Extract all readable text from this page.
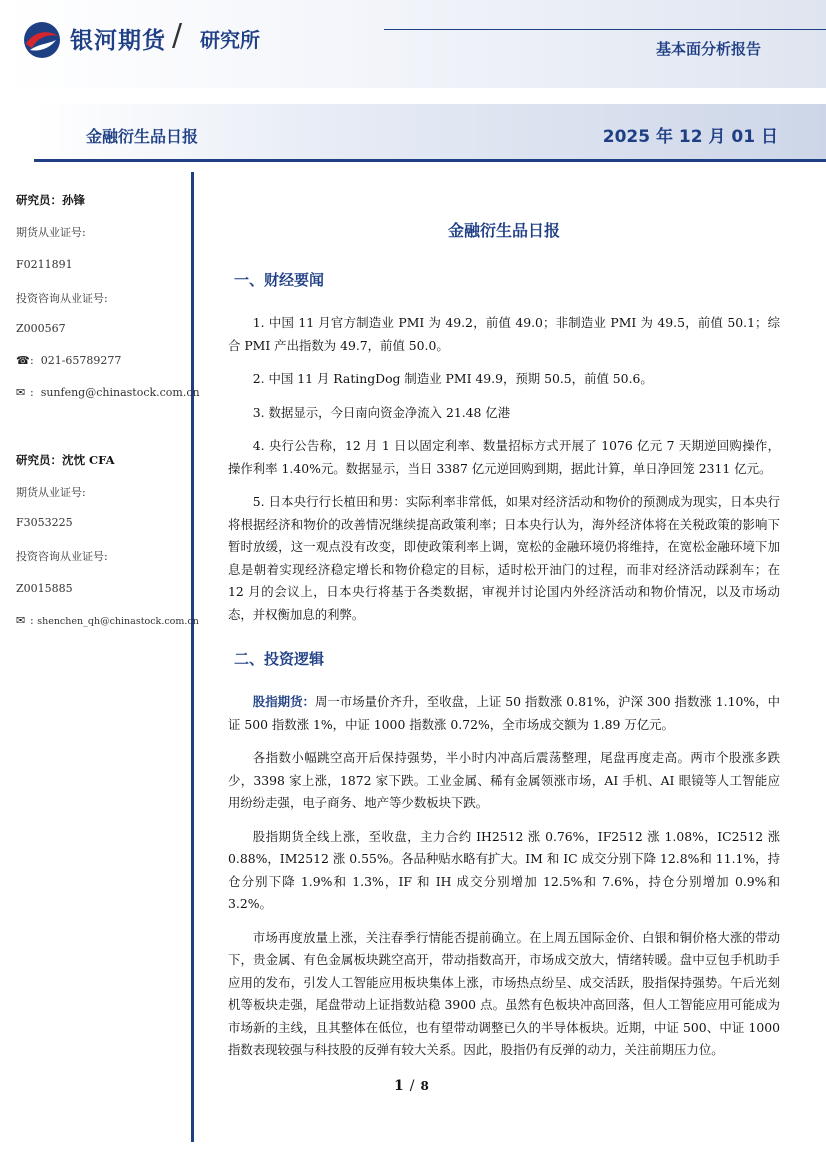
银河期货 / 研究所	基本面分析报告
金融衍生品日报	2025 年 12 月 01 日
研究员：孙锋
期货从业证号:
F0211891
投资咨询从业证号:
Z000567
☎:  021-65789277
✉ :  sunfeng@chinastock.com.cn
研究员：沈忱 CFA
期货从业证号:
F3053225
投资咨询从业证号:
Z0015885
✉ : shenchen_qh@chinastock.com.cn
金融衍生品日报
一、财经要闻

1. 中国 11 月官方制造业 PMI 为 49.2，前值 49.0；非制造业 PMI 为 49.5，前值 50.1；综合 PMI 产出指数为 49.7，前值 50.0。

2. 中国 11 月 RatingDog 制造业 PMI 49.9，预期 50.5，前值 50.6。

3. 数据显示，今日南向资金净流入 21.48 亿港

4. 央行公告称，12 月 1 日以固定利率、数量招标方式开展了 1076 亿元 7 天期逆回购操作，操作利率 1.40%元。数据显示，当日 3387 亿元逆回购到期，据此计算，单日净回笼 2311 亿元。

5. 日本央行行长植田和男：实际利率非常低，如果对经济活动和物价的预测成为现实，日本央行将根据经济和物价的改善情况继续提高政策利率；日本央行认为，海外经济体将在关税政策的影响下暂时放缓，这一观点没有改变，即使政策利率上调，宽松的金融环境仍将维持，在宽松金融环境下加息是朝着实现经济稳定增长和物价稳定的目标，适时松开油门的过程，而非对经济活动踩刹车；在 12 月的会议上，日本央行将基于各类数据，审视并讨论国内外经济活动和物价情况，以及市场动态，并权衡加息的利弊。

二、投资逻辑

股指期货：周一市场量价齐升，至收盘，上证 50 指数涨 0.81%，沪深 300 指数涨 1.10%，中证 500 指数涨 1%，中证 1000 指数涨 0.72%，全市场成交额为 1.89 万亿元。

各指数小幅跳空高开后保持强势，半小时内冲高后震荡整理，尾盘再度走高。两市个股涨多跌少，3398 家上涨，1872 家下跌。工业金属、稀有金属领涨市场，AI 手机、AI 眼镜等人工智能应用纷纷走强，电子商务、地产等少数板块下跌。

股指期货全线上涨，至收盘，主力合约 IH2512 涨 0.76%，IF2512 涨 1.08%，IC2512 涨 0.88%，IM2512 涨 0.55%。各品种贴水略有扩大。IM 和 IC 成交分别下降 12.8%和 11.1%，持仓分别下降 1.9%和 1.3%，IF 和 IH 成交分别增加 12.5%和 7.6%，持仓分别增加 0.9%和 3.2%。

市场再度放量上涨，关注春季行情能否提前确立。在上周五国际金价、白银和铜价格大涨的带动下，贵金属、有色金属板块跳空高开，带动指数高开，市场成交放大，情绪转暖。盘中豆包手机助手应用的发布，引发人工智能应用板块集体上涨，市场热点纷呈、成交活跃，股指保持强势。午后光刻机等板块走强，尾盘带动上证指数站稳 3900 点。虽然有色板块冲高回落，但人工智能应用可能成为市场新的主线，且其整体在低位，也有望带动调整已久的半导体板块。近期，中证 500、中证 1000 指数表现较强与科技股的反弹有较大关系。因此，股指仍有反弹的动力，关注前期压力位。

1 / 8
